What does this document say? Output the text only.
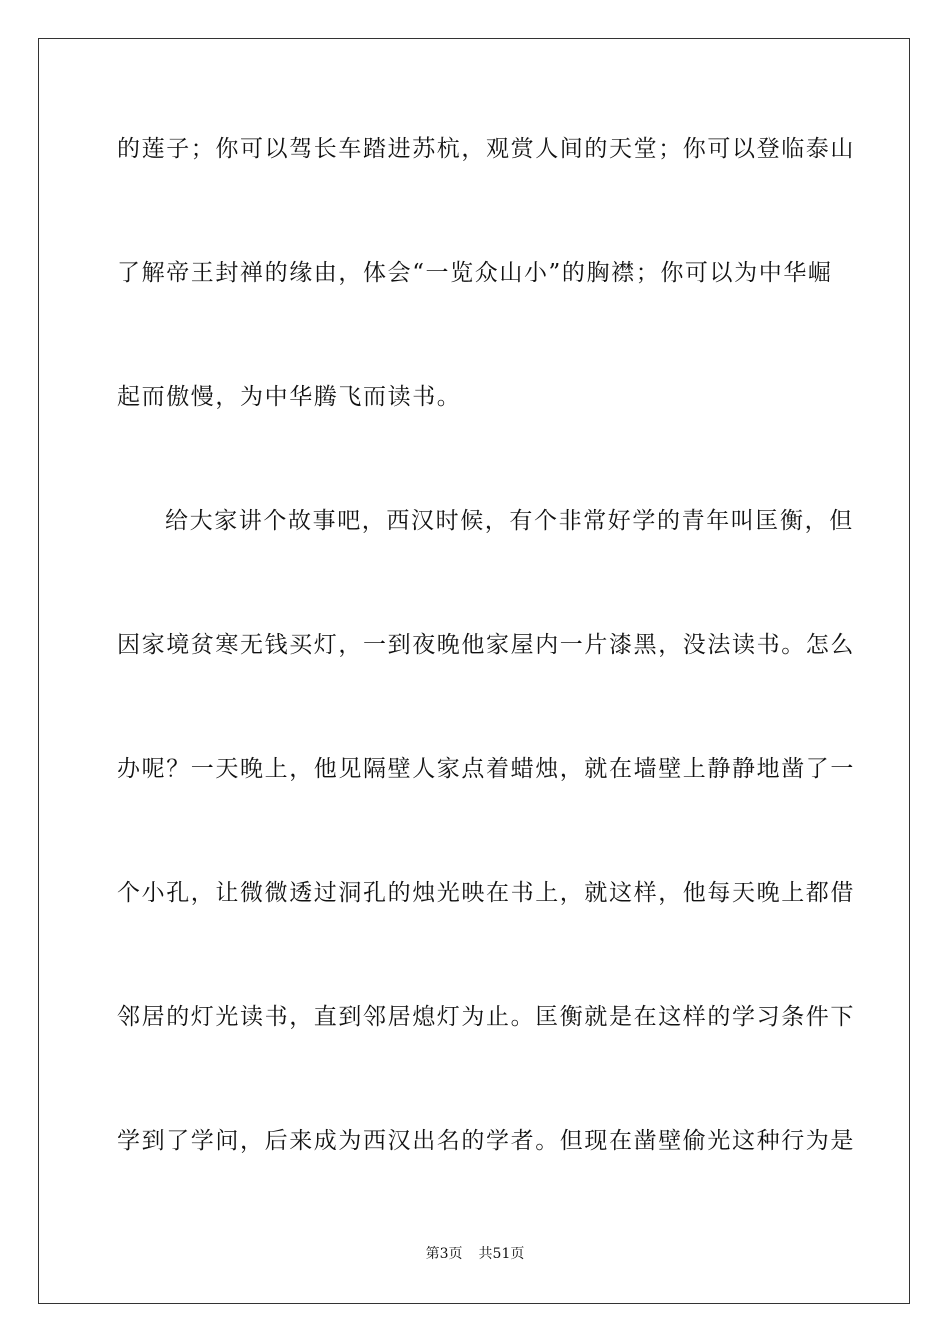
的莲子；你可以驾长车踏进苏杭，观赏人间的天堂；你可以登临泰山
了解帝王封禅的缘由，体会“一览众山小”的胸襟；你可以为中华崛
起而傲慢，为中华腾飞而读书。
给大家讲个故事吧，西汉时候，有个非常好学的青年叫匡衡，但
因家境贫寒无钱买灯，一到夜晚他家屋内一片漆黑，没法读书。怎么
办呢？一天晚上，他见隔壁人家点着蜡烛，就在墙壁上静静地凿了一
个小孔，让微微透过洞孔的烛光映在书上，就这样，他每天晚上都借
邻居的灯光读书，直到邻居熄灯为止。匡衡就是在这样的学习条件下
学到了学问，后来成为西汉出名的学者。但现在凿壁偷光这种行为是
第3页 共51页
